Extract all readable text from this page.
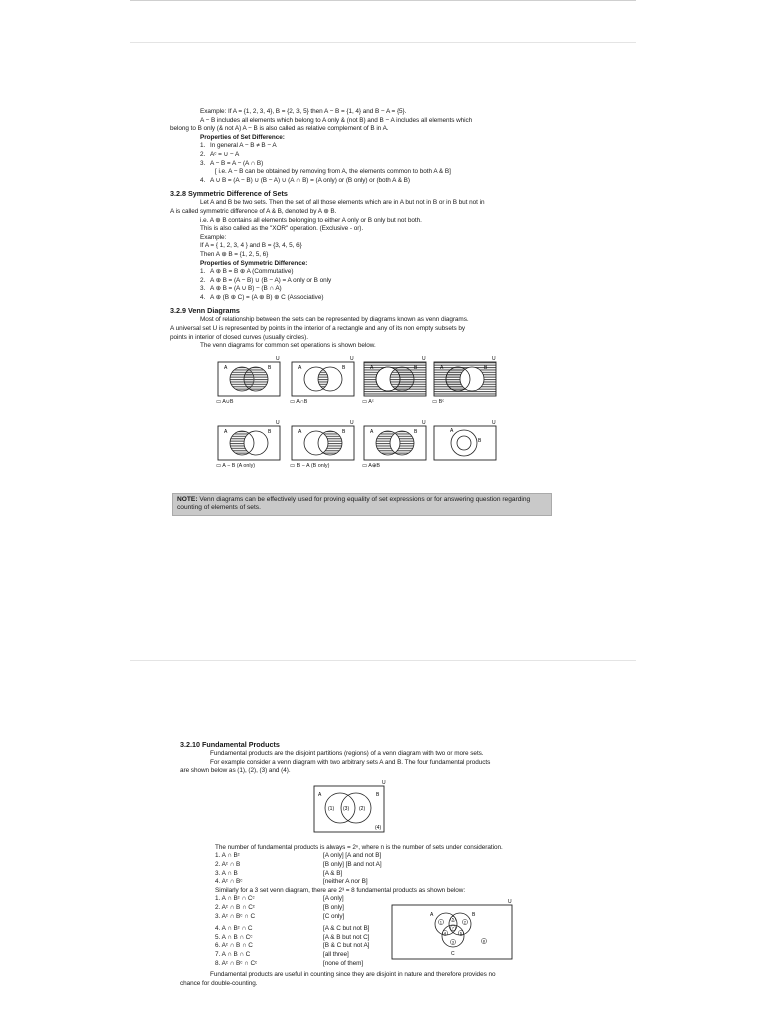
Example: If A = {1, 2, 3, 4}, B = {2, 3, 5} then A − B = {1, 4} and B − A = {5}.
A − B includes all elements which belong to A only & (not B) and B − A includes all elements which
belong to B only (& not A) A − B is also called as relative complement of B in A.
Properties of Set Difference:
1. In general A − B ≠ B − A
2. Aᶜ = ∪ − A
3. A − B = A − (A ∩ B)
[ i.e. A − B can be obtained by removing from A, the elements common to both A & B]
4. A ∪ B = (A − B) ∪ (B − A) ∪ (A ∩ B) = (A only) or (B only) or (both A & B)
3.2.8 Symmetric Difference of Sets
Let A and B be two sets. Then the set of all those elements which are in A but not in B or in B but not in
A is called symmetric difference of A & B, denoted by A ⊕ B.
i.e. A ⊕ B contains all elements belonging to either A only or B only but not both.
This is also called as the "XOR" operation. (Exclusive - or).
Example:
If A = { 1, 2, 3, 4 } and B = {3, 4, 5, 6}
Then A ⊕ B = {1, 2, 5, 6}
Properties of Symmetric Difference:
1. A ⊕ B = B ⊕ A (Commutative)
2. A ⊕ B = (A − B) ∪ (B − A) = A only or B only
3. A ⊕ B = (A ∪ B) − (B ∩ A)
4. A ⊕ (B ⊕ C) = (A ⊕ B) ⊕ C (Associative)
3.2.9 Venn Diagrams
Most of relationship between the sets can be represented by diagrams known as venn diagrams.
A universal set U is represented by points in the interior of a rectangle and any of its non empty subsets by
points in interior of closed curves (usually circles).
The venn diagrams for common set operations is shown below.
U
A	B
▭ A∪B
U
A	B
▭ A∩B
U
A	B
▭ Aᶜ
U
A	B
▭ Bᶜ
U
A	B
▭ A − B (A only)
U
A	B
▭ B − A (B only)
U
A	B
▭ A⊕B
U
A
B
NOTE: Venn diagrams can be effectively used for proving equality of set expressions or for answering question regarding counting of elements of sets.
3.2.10 Fundamental Products
Fundamental products are the disjoint partitions (regions) of a venn diagram with two or more sets.
For example consider a venn diagram with two arbitrary sets A and B. The four fundamental products
are shown below as (1), (2), (3) and (4).
U
A	B
(1) (3) (2)
(4)
The number of fundamental products is always = 2ⁿ, where n is the number of sets under consideration.
1. A ∩ Bᶜ	[A only] [A and not B]
2. Aᶜ ∩ B	[B only] [B and not A]
3. A ∩ B	[A & B]
4. Aᶜ ∩ Bᶜ	[neither A nor B]
Similarly for a 3 set venn diagram, there are 2³ = 8 fundamental products as shown below:
1. A ∩ Bᶜ ∩ Cᶜ	[A only]
2. Aᶜ ∩ B ∩ Cᶜ	[B only]
3. Aᶜ ∩ Bᶜ ∩ C	[C only]
4. A ∩ Bᶜ ∩ C	[A & C but not B]
5. A ∩ B ∩ Cᶜ	[A & B but not C]
6. Aᶜ ∩ B ∩ C	[B & C but not A]
7. A ∩ B ∩ C	[all three]
8. Aᶜ ∩ Bᶜ ∩ Cᶜ	[none of them]
U
A	B
C
1	2
3
4
5
6
7
8
Fundamental products are useful in counting since they are disjoint in nature and therefore provides no
chance for double-counting.
